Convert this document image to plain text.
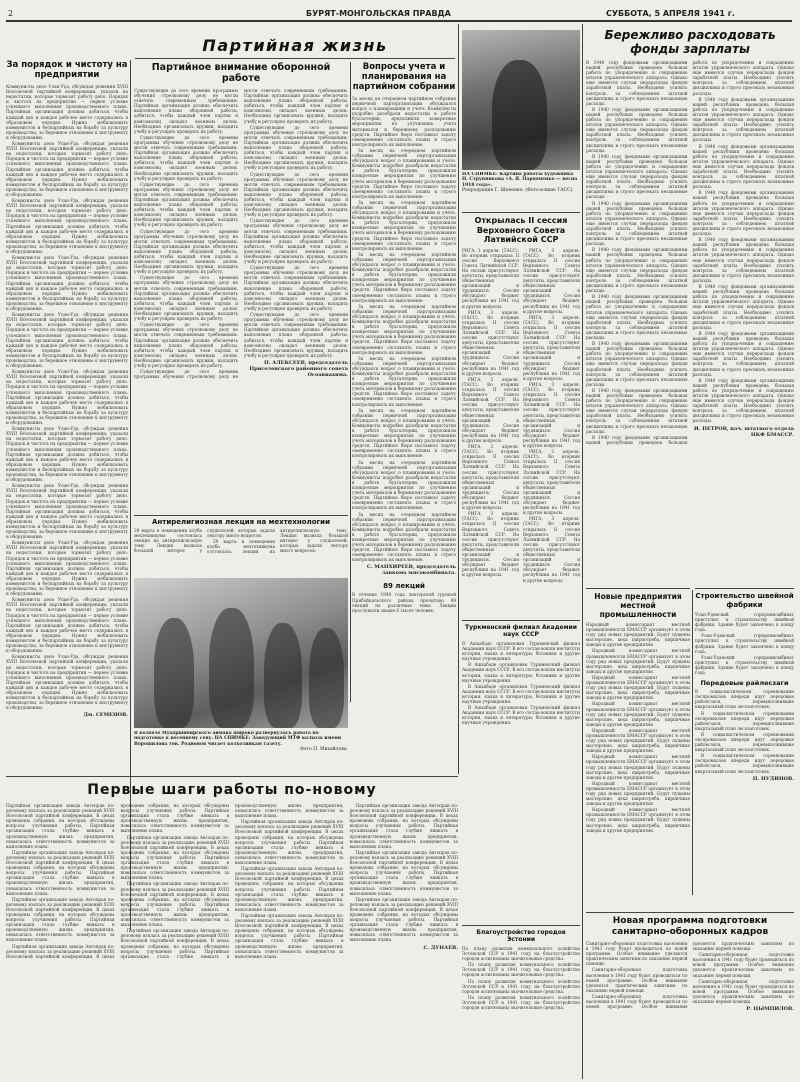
2	БУРЯТ-МОНГОЛЬСКАЯ ПРАВДА	СУББОТА, 5 АПРЕЛЯ 1941 г.
Партийная жизнь
За порядок и чистоту на предприятии

Коммунисты депо Улан-Удэ, обсуждая решения XVIII Всесоюзной партийной конференции, указали на недостатки, которые тормозят работу депо. Порядок и чистота на предприятии — первое условие успешного выполнения производственного плана. Партийная организация должна добиться, чтобы каждый цех и каждое рабочее место содержались в образцовом порядке. Нужно мобилизовать коммунистов и беспартийных на борьбу за культуру производства, за бережное отношение к инструменту и оборудованию.

Коммунисты депо Улан-Удэ, обсуждая решения XVIII Всесоюзной партийной конференции, указали на недостатки, которые тормозят работу депо. Порядок и чистота на предприятии — первое условие успешного выполнения производственного плана. Партийная организация должна добиться, чтобы каждый цех и каждое рабочее место содержались в образцовом порядке. Нужно мобилизовать коммунистов и беспартийных на борьбу за культуру производства, за бережное отношение к инструменту и оборудованию.

Коммунисты депо Улан-Удэ, обсуждая решения XVIII Всесоюзной партийной конференции, указали на недостатки, которые тормозят работу депо. Порядок и чистота на предприятии — первое условие успешного выполнения производственного плана. Партийная организация должна добиться, чтобы каждый цех и каждое рабочее место содержались в образцовом порядке. Нужно мобилизовать коммунистов и беспартийных на борьбу за культуру производства, за бережное отношение к инструменту и оборудованию.

Коммунисты депо Улан-Удэ, обсуждая решения XVIII Всесоюзной партийной конференции, указали на недостатки, которые тормозят работу депо. Порядок и чистота на предприятии — первое условие успешного выполнения производственного плана. Партийная организация должна добиться, чтобы каждый цех и каждое рабочее место содержались в образцовом порядке. Нужно мобилизовать коммунистов и беспартийных на борьбу за культуру производства, за бережное отношение к инструменту и оборудованию.

Коммунисты депо Улан-Удэ, обсуждая решения XVIII Всесоюзной партийной конференции, указали на недостатки, которые тормозят работу депо. Порядок и чистота на предприятии — первое условие успешного выполнения производственного плана. Партийная организация должна добиться, чтобы каждый цех и каждое рабочее место содержались в образцовом порядке. Нужно мобилизовать коммунистов и беспартийных на борьбу за культуру производства, за бережное отношение к инструменту и оборудованию.

Коммунисты депо Улан-Удэ, обсуждая решения XVIII Всесоюзной партийной конференции, указали на недостатки, которые тормозят работу депо. Порядок и чистота на предприятии — первое условие успешного выполнения производственного плана. Партийная организация должна добиться, чтобы каждый цех и каждое рабочее место содержались в образцовом порядке. Нужно мобилизовать коммунистов и беспартийных на борьбу за культуру производства, за бережное отношение к инструменту и оборудованию.

Коммунисты депо Улан-Удэ, обсуждая решения XVIII Всесоюзной партийной конференции, указали на недостатки, которые тормозят работу депо. Порядок и чистота на предприятии — первое условие успешного выполнения производственного плана. Партийная организация должна добиться, чтобы каждый цех и каждое рабочее место содержались в образцовом порядке. Нужно мобилизовать коммунистов и беспартийных на борьбу за культуру производства, за бережное отношение к инструменту и оборудованию.

Коммунисты депо Улан-Удэ, обсуждая решения XVIII Всесоюзной партийной конференции, указали на недостатки, которые тормозят работу депо. Порядок и чистота на предприятии — первое условие успешного выполнения производственного плана. Партийная организация должна добиться, чтобы каждый цех и каждое рабочее место содержались в образцовом порядке. Нужно мобилизовать коммунистов и беспартийных на борьбу за культуру производства, за бережное отношение к инструменту и оборудованию.

Коммунисты депо Улан-Удэ, обсуждая решения XVIII Всесоюзной партийной конференции, указали на недостатки, которые тормозят работу депо. Порядок и чистота на предприятии — первое условие успешного выполнения производственного плана. Партийная организация должна добиться, чтобы каждый цех и каждое рабочее место содержались в образцовом порядке. Нужно мобилизовать коммунистов и беспартийных на борьбу за культуру производства, за бережное отношение к инструменту и оборудованию.

Коммунисты депо Улан-Удэ, обсуждая решения XVIII Всесоюзной партийной конференции, указали на недостатки, которые тормозят работу депо. Порядок и чистота на предприятии — первое условие успешного выполнения производственного плана. Партийная организация должна добиться, чтобы каждый цех и каждое рабочее место содержались в образцовом порядке. Нужно мобилизовать коммунистов и беспартийных на борьбу за культуру производства, за бережное отношение к инструменту и оборудованию.

Коммунисты депо Улан-Удэ, обсуждая решения XVIII Всесоюзной партийной конференции, указали на недостатки, которые тормозят работу депо. Порядок и чистота на предприятии — первое условие успешного выполнения производственного плана. Партийная организация должна добиться, чтобы каждый цех и каждое рабочее место содержались в образцовом порядке. Нужно мобилизовать коммунистов и беспартийных на борьбу за культуру производства, за бережное отношение к инструменту и оборудованию.

Дм. СЕМЕНОВ.
Партийное внимание оборонной работе

Существующие до сего времени программы обучения стрелковому делу не могли отвечать современным требованиям. Партийная организация должна обеспечить выполнение плана оборонной работы, добиться, чтобы каждый член партии и комсомолец овладел военным делом. Необходимо организовать кружки, наладить учебу и регулярно проверять их работу.

Существующие до сего времени программы обучения стрелковому делу не могли отвечать современным требованиям. Партийная организация должна обеспечить выполнение плана оборонной работы, добиться, чтобы каждый член партии и комсомолец овладел военным делом. Необходимо организовать кружки, наладить учебу и регулярно проверять их работу.

Существующие до сего времени программы обучения стрелковому делу не могли отвечать современным требованиям. Партийная организация должна обеспечить выполнение плана оборонной работы, добиться, чтобы каждый член партии и комсомолец овладел военным делом. Необходимо организовать кружки, наладить учебу и регулярно проверять их работу.

Существующие до сего времени программы обучения стрелковому делу не могли отвечать современным требованиям. Партийная организация должна обеспечить выполнение плана оборонной работы, добиться, чтобы каждый член партии и комсомолец овладел военным делом. Необходимо организовать кружки, наладить учебу и регулярно проверять их работу.

Существующие до сего времени программы обучения стрелковому делу не могли отвечать современным требованиям. Партийная организация должна обеспечить выполнение плана оборонной работы, добиться, чтобы каждый член партии и комсомолец овладел военным делом. Необходимо организовать кружки, наладить учебу и регулярно проверять их работу.

Существующие до сего времени программы обучения стрелковому делу не могли отвечать современным требованиям. Партийная организация должна обеспечить выполнение плана оборонной работы, добиться, чтобы каждый член партии и комсомолец овладел военным делом. Необходимо организовать кружки, наладить учебу и регулярно проверять их работу.

Существующие до сего времени программы обучения стрелковому делу не могли отвечать современным требованиям. Партийная организация должна обеспечить выполнение плана оборонной работы, добиться, чтобы каждый член партии и комсомолец овладел военным делом. Необходимо организовать кружки, наладить учебу и регулярно проверять их работу.

Существующие до сего времени программы обучения стрелковому делу не могли отвечать современным требованиям. Партийная организация должна обеспечить выполнение плана оборонной работы, добиться, чтобы каждый член партии и комсомолец овладел военным делом. Необходимо организовать кружки, наладить учебу и регулярно проверять их работу.

Существующие до сего времени программы обучения стрелковому делу не могли отвечать современным требованиям. Партийная организация должна обеспечить выполнение плана оборонной работы, добиться, чтобы каждый член партии и комсомолец овладел военным делом. Необходимо организовать кружки, наладить учебу и регулярно проверять их работу.

Существующие до сего времени программы обучения стрелковому делу не могли отвечать современным требованиям. Партийная организация должна обеспечить выполнение плана оборонной работы, добиться, чтобы каждый член партии и комсомолец овладел военным делом. Необходимо организовать кружки, наладить учебу и регулярно проверять их работу.

Существующие до сего времени программы обучения стрелковому делу не могли отвечать современным требованиям. Партийная организация должна обеспечить выполнение плана оборонной работы, добиться, чтобы каждый член партии и комсомолец овладел военным делом. Необходимо организовать кружки, наладить учебу и регулярно проверять их работу.

Существующие до сего времени программы обучения стрелковому делу не могли отвечать современным требованиям. Партийная организация должна обеспечить выполнение плана оборонной работы, добиться, чтобы каждый член партии и комсомолец овладел военным делом. Необходимо организовать кружки, наладить учебу и регулярно проверять их работу.

П. АЛЕКСЕЕВ, председатель Приселенского районного совета Осоавиахима.
Вопросы учета и планирования на партийном собрании

За месяц на очередном партийном собрании первичной парторганизации обсуждался вопрос о планировании и учете. Коммунисты подробно разобрали недостатки в работе бухгалтерии, предложили конкретные мероприятия по улучшению учета материалов и бережному расходованию средств. Партийное бюро поставило задачу своевременно составлять планы и строго контролировать их выполнение.

За месяц на очередном партийном собрании первичной парторганизации обсуждался вопрос о планировании и учете. Коммунисты подробно разобрали недостатки в работе бухгалтерии, предложили конкретные мероприятия по улучшению учета материалов и бережному расходованию средств. Партийное бюро поставило задачу своевременно составлять планы и строго контролировать их выполнение.

За месяц на очередном партийном собрании первичной парторганизации обсуждался вопрос о планировании и учете. Коммунисты подробно разобрали недостатки в работе бухгалтерии, предложили конкретные мероприятия по улучшению учета материалов и бережному расходованию средств. Партийное бюро поставило задачу своевременно составлять планы и строго контролировать их выполнение.

За месяц на очередном партийном собрании первичной парторганизации обсуждался вопрос о планировании и учете. Коммунисты подробно разобрали недостатки в работе бухгалтерии, предложили конкретные мероприятия по улучшению учета материалов и бережному расходованию средств. Партийное бюро поставило задачу своевременно составлять планы и строго контролировать их выполнение.

За месяц на очередном партийном собрании первичной парторганизации обсуждался вопрос о планировании и учете. Коммунисты подробно разобрали недостатки в работе бухгалтерии, предложили конкретные мероприятия по улучшению учета материалов и бережному расходованию средств. Партийное бюро поставило задачу своевременно составлять планы и строго контролировать их выполнение.

За месяц на очередном партийном собрании первичной парторганизации обсуждался вопрос о планировании и учете. Коммунисты подробно разобрали недостатки в работе бухгалтерии, предложили конкретные мероприятия по улучшению учета материалов и бережному расходованию средств. Партийное бюро поставило задачу своевременно составлять планы и строго контролировать их выполнение.

За месяц на очередном партийном собрании первичной парторганизации обсуждался вопрос о планировании и учете. Коммунисты подробно разобрали недостатки в работе бухгалтерии, предложили конкретные мероприятия по улучшению учета материалов и бережному расходованию средств. Партийное бюро поставило задачу своевременно составлять планы и строго контролировать их выполнение.

За месяц на очередном партийном собрании первичной парторганизации обсуждался вопрос о планировании и учете. Коммунисты подробно разобрали недостатки в работе бухгалтерии, предложили конкретные мероприятия по улучшению учета материалов и бережному расходованию средств. Партийное бюро поставило задачу своевременно составлять планы и строго контролировать их выполнение.

За месяц на очередном партийном собрании первичной парторганизации обсуждался вопрос о планировании и учете. Коммунисты подробно разобрали недостатки в работе бухгалтерии, предложили конкретные мероприятия по улучшению учета материалов и бережному расходованию средств. Партийное бюро поставило задачу своевременно составлять планы и строго контролировать их выполнение.

С. МАНХИРЕЕВ, председатель завкома мясокомбината.
89 лекций

В течение 1940 года лекторской группой Прибайкальского района прочитано 89 лекций на различные темы. Лекции прослушали свыше 6 тысяч человек.

Антирелигиозная лекция на мехтехнологии

29 марта в помещении клуба мехтехникума состоялась лекция на антирелигиозную тему. Лекция вызвала большой интерес у слушателей, которые задали лектору много вопросов.

29 марта в помещении клуба мехтехникума состоялась лекция на антирелигиозную тему. Лекция вызвала большой интерес у слушателей, которые задали лектору много вопросов.

В колхозе Мухоршибирского аймака широко развернулась работа по подготовке к весеннему севу. НА СНИМКЕ: Заведующий МТФ колхоза имени Ворошилова тов. Родионов читает колхозникам газету.
Фото П. Михайлова.
НА СНИМКЕ: Картина работы художника Н. Струнникова «А. Я. Пархоменко — весна 1918 года».
Репродукция Г. Шпеенко. (Фото-клише ТАСС).
Открылась II сессия Верховного Совета Латвийской ССР

РИГА, 3 апреля. (ТАСС). Во вторник открылась II сессия Верховного Совета Латвийской ССР. На сессии присутствуют депутаты, представители общественных организаций и трудящихся. Сессия обсуждает бюджет республики на 1941 год и другие вопросы.

РИГА, 3 апреля. (ТАСС). Во вторник открылась II сессия Верховного Совета Латвийской ССР. На сессии присутствуют депутаты, представители общественных организаций и трудящихся. Сессия обсуждает бюджет республики на 1941 год и другие вопросы.

РИГА, 3 апреля. (ТАСС). Во вторник открылась II сессия Верховного Совета Латвийской ССР. На сессии присутствуют депутаты, представители общественных организаций и трудящихся. Сессия обсуждает бюджет республики на 1941 год и другие вопросы.

РИГА, 3 апреля. (ТАСС). Во вторник открылась II сессия Верховного Совета Латвийской ССР. На сессии присутствуют депутаты, представители общественных организаций и трудящихся. Сессия обсуждает бюджет республики на 1941 год и другие вопросы.

РИГА, 3 апреля. (ТАСС). Во вторник открылась II сессия Верховного Совета Латвийской ССР. На сессии присутствуют депутаты, представители общественных организаций и трудящихся. Сессия обсуждает бюджет республики на 1941 год и другие вопросы.

РИГА, 3 апреля. (ТАСС). Во вторник открылась II сессия Верховного Совета Латвийской ССР. На сессии присутствуют депутаты, представители общественных организаций и трудящихся. Сессия обсуждает бюджет республики на 1941 год и другие вопросы.

РИГА, 3 апреля. (ТАСС). Во вторник открылась II сессия Верховного Совета Латвийской ССР. На сессии присутствуют депутаты, представители общественных организаций и трудящихся. Сессия обсуждает бюджет республики на 1941 год и другие вопросы.

РИГА, 3 апреля. (ТАСС). Во вторник открылась II сессия Верховного Совета Латвийской ССР. На сессии присутствуют депутаты, представители общественных организаций и трудящихся. Сессия обсуждает бюджет республики на 1941 год и другие вопросы.

РИГА, 3 апреля. (ТАСС). Во вторник открылась II сессия Верховного Совета Латвийской ССР. На сессии присутствуют депутаты, представители общественных организаций и трудящихся. Сессия обсуждает бюджет республики на 1941 год и другие вопросы.

РИГА, 3 апреля. (ТАСС). Во вторник открылась II сессия Верховного Совета Латвийской ССР. На сессии присутствуют депутаты, представители общественных организаций и трудящихся. Сессия обсуждает бюджет республики на 1941 год и другие вопросы.

Туркменский филиал Академии наук СССР

В Ашхабаде организован Туркменский филиал Академии наук СССР. В его состав вошли институты истории, языка и литературы, ботаники и другие научные учреждения.

В Ашхабаде организован Туркменский филиал Академии наук СССР. В его состав вошли институты истории, языка и литературы, ботаники и другие научные учреждения.

В Ашхабаде организован Туркменский филиал Академии наук СССР. В его состав вошли институты истории, языка и литературы, ботаники и другие научные учреждения.

В Ашхабаде организован Туркменский филиал Академии наук СССР. В его состав вошли институты истории, языка и литературы, ботаники и другие научные учреждения.

Благоустройство городов Эстонии

По плану развития коммунального хозяйства Эстонской ССР в 1941 году на благоустройство городов ассигнованы значительные средства.

По плану развития коммунального хозяйства Эстонской ССР в 1941 году на благоустройство городов ассигнованы значительные средства.

По плану развития коммунального хозяйства Эстонской ССР в 1941 году на благоустройство городов ассигнованы значительные средства.

По плану развития коммунального хозяйства Эстонской ССР в 1941 году на благоустройство городов ассигнованы значительные средства.

Бережливо расходовать фонды зарплаты

В 1940 году фондовыми организациями нашей республики проведена большая работа по упорядочению и сокращению штатов управленческого аппарата. Однако еще имеются случаи перерасхода фондов заработной платы. Необходимо усилить контроль за соблюдением штатной дисциплины и строго пресекать незаконные расходы.

В 1940 году фондовыми организациями нашей республики проведена большая работа по упорядочению и сокращению штатов управленческого аппарата. Однако еще имеются случаи перерасхода фондов заработной платы. Необходимо усилить контроль за соблюдением штатной дисциплины и строго пресекать незаконные расходы.

В 1940 году фондовыми организациями нашей республики проведена большая работа по упорядочению и сокращению штатов управленческого аппарата. Однако еще имеются случаи перерасхода фондов заработной платы. Необходимо усилить контроль за соблюдением штатной дисциплины и строго пресекать незаконные расходы.

В 1940 году фондовыми организациями нашей республики проведена большая работа по упорядочению и сокращению штатов управленческого аппарата. Однако еще имеются случаи перерасхода фондов заработной платы. Необходимо усилить контроль за соблюдением штатной дисциплины и строго пресекать незаконные расходы.

В 1940 году фондовыми организациями нашей республики проведена большая работа по упорядочению и сокращению штатов управленческого аппарата. Однако еще имеются случаи перерасхода фондов заработной платы. Необходимо усилить контроль за соблюдением штатной дисциплины и строго пресекать незаконные расходы.

В 1940 году фондовыми организациями нашей республики проведена большая работа по упорядочению и сокращению штатов управленческого аппарата. Однако еще имеются случаи перерасхода фондов заработной платы. Необходимо усилить контроль за соблюдением штатной дисциплины и строго пресекать незаконные расходы.

В 1940 году фондовыми организациями нашей республики проведена большая работа по упорядочению и сокращению штатов управленческого аппарата. Однако еще имеются случаи перерасхода фондов заработной платы. Необходимо усилить контроль за соблюдением штатной дисциплины и строго пресекать незаконные расходы.

В 1940 году фондовыми организациями нашей республики проведена большая работа по упорядочению и сокращению штатов управленческого аппарата. Однако еще имеются случаи перерасхода фондов заработной платы. Необходимо усилить контроль за соблюдением штатной дисциплины и строго пресекать незаконные расходы.

В 1940 году фондовыми организациями нашей республики проведена большая работа по упорядочению и сокращению штатов управленческого аппарата. Однако еще имеются случаи перерасхода фондов заработной платы. Необходимо усилить контроль за соблюдением штатной дисциплины и строго пресекать незаконные расходы.

В 1940 году фондовыми организациями нашей республики проведена большая работа по упорядочению и сокращению штатов управленческого аппарата. Однако еще имеются случаи перерасхода фондов заработной платы. Необходимо усилить контроль за соблюдением штатной дисциплины и строго пресекать незаконные расходы.

В 1940 году фондовыми организациями нашей республики проведена большая работа по упорядочению и сокращению штатов управленческого аппарата. Однако еще имеются случаи перерасхода фондов заработной платы. Необходимо усилить контроль за соблюдением штатной дисциплины и строго пресекать незаконные расходы.

В 1940 году фондовыми организациями нашей республики проведена большая работа по упорядочению и сокращению штатов управленческого аппарата. Однако еще имеются случаи перерасхода фондов заработной платы. Необходимо усилить контроль за соблюдением штатной дисциплины и строго пресекать незаконные расходы.

В 1940 году фондовыми организациями нашей республики проведена большая работа по упорядочению и сокращению штатов управленческого аппарата. Однако еще имеются случаи перерасхода фондов заработной платы. Необходимо усилить контроль за соблюдением штатной дисциплины и строго пресекать незаконные расходы.

В 1940 году фондовыми организациями нашей республики проведена большая работа по упорядочению и сокращению штатов управленческого аппарата. Однако еще имеются случаи перерасхода фондов заработной платы. Необходимо усилить контроль за соблюдением штатной дисциплины и строго пресекать незаконные расходы.

В 1940 году фондовыми организациями нашей республики проведена большая работа по упорядочению и сокращению штатов управленческого аппарата. Однако еще имеются случаи перерасхода фондов заработной платы. Необходимо усилить контроль за соблюдением штатной дисциплины и строго пресекать незаконные расходы.

В 1940 году фондовыми организациями нашей республики проведена большая работа по упорядочению и сокращению штатов управленческого аппарата. Однако еще имеются случаи перерасхода фондов заработной платы. Необходимо усилить контроль за соблюдением штатной дисциплины и строго пресекать незаконные расходы.

И. ПЕТРОВ, нач. штатного отдела НКФ БМАССР.
Новые предприятия местной промышленности

Народный комиссариат местной промышленности БМАССР организует в этом году ряд новых предприятий. Будут пущены мастерские, цеха ширпотреба, кирпичные заводы и другие предприятия.

Народный комиссариат местной промышленности БМАССР организует в этом году ряд новых предприятий. Будут пущены мастерские, цеха ширпотреба, кирпичные заводы и другие предприятия.

Народный комиссариат местной промышленности БМАССР организует в этом году ряд новых предприятий. Будут пущены мастерские, цеха ширпотреба, кирпичные заводы и другие предприятия.

Народный комиссариат местной промышленности БМАССР организует в этом году ряд новых предприятий. Будут пущены мастерские, цеха ширпотреба, кирпичные заводы и другие предприятия.

Народный комиссариат местной промышленности БМАССР организует в этом году ряд новых предприятий. Будут пущены мастерские, цеха ширпотреба, кирпичные заводы и другие предприятия.

Народный комиссариат местной промышленности БМАССР организует в этом году ряд новых предприятий. Будут пущены мастерские, цеха ширпотреба, кирпичные заводы и другие предприятия.

Народный комиссариат местной промышленности БМАССР организует в этом году ряд новых предприятий. Будут пущены мастерские, цеха ширпотреба, кирпичные заводы и другие предприятия.

Народный комиссариат местной промышленности БМАССР организует в этом году ряд новых предприятий. Будут пущены мастерские, цеха ширпотреба, кирпичные заводы и другие предприятия.

Строительство швейной фабрики

Улан-Удэнский горпромкомбинат приступил к строительству швейной фабрики. Здание будет закончено к концу года.

Улан-Удэнский горпромкомбинат приступил к строительству швейной фабрики. Здание будет закончено к концу года.

Улан-Удэнский горпромкомбинат приступил к строительству швейной фабрики. Здание будет закончено к концу года.

Передовые райлесзаги

В социалистическом соревновании леспромхозов впереди идут передовые райлесзаги, перевыполнившие квартальный план лесозаготовок.

В социалистическом соревновании леспромхозов впереди идут передовые райлесзаги, перевыполнившие квартальный план лесозаготовок.

В социалистическом соревновании леспромхозов впереди идут передовые райлесзаги, перевыполнившие квартальный план лесозаготовок.

В социалистическом соревновании леспромхозов впереди идут передовые райлесзаги, перевыполнившие квартальный план лесозаготовок.

П. НУДИНОВ.
Первые шаги работы по-новому

Партийная организация завода Автоправ по-деловому взялась за реализацию решений XVIII Всесоюзной партийной конференции. В цехах проведены собрания, на которых обсуждены вопросы улучшения работы. Партийная организация стала глубже вникать в производственную жизнь предприятия, повысилась ответственность коммунистов за выполнение плана.

Партийная организация завода Автоправ по-деловому взялась за реализацию решений XVIII Всесоюзной партийной конференции. В цехах проведены собрания, на которых обсуждены вопросы улучшения работы. Партийная организация стала глубже вникать в производственную жизнь предприятия, повысилась ответственность коммунистов за выполнение плана.

Партийная организация завода Автоправ по-деловому взялась за реализацию решений XVIII Всесоюзной партийной конференции. В цехах проведены собрания, на которых обсуждены вопросы улучшения работы. Партийная организация стала глубже вникать в производственную жизнь предприятия, повысилась ответственность коммунистов за выполнение плана.

Партийная организация завода Автоправ по-деловому взялась за реализацию решений XVIII Всесоюзной партийной конференции. В цехах проведены собрания, на которых обсуждены вопросы улучшения работы. Партийная организация стала глубже вникать в производственную жизнь предприятия, повысилась ответственность коммунистов за выполнение плана.

Партийная организация завода Автоправ по-деловому взялась за реализацию решений XVIII Всесоюзной партийной конференции. В цехах проведены собрания, на которых обсуждены вопросы улучшения работы. Партийная организация стала глубже вникать в производственную жизнь предприятия, повысилась ответственность коммунистов за выполнение плана.

Партийная организация завода Автоправ по-деловому взялась за реализацию решений XVIII Всесоюзной партийной конференции. В цехах проведены собрания, на которых обсуждены вопросы улучшения работы. Партийная организация стала глубже вникать в производственную жизнь предприятия, повысилась ответственность коммунистов за выполнение плана.

Партийная организация завода Автоправ по-деловому взялась за реализацию решений XVIII Всесоюзной партийной конференции. В цехах проведены собрания, на которых обсуждены вопросы улучшения работы. Партийная организация стала глубже вникать в производственную жизнь предприятия, повысилась ответственность коммунистов за выполнение плана.

Партийная организация завода Автоправ по-деловому взялась за реализацию решений XVIII Всесоюзной партийной конференции. В цехах проведены собрания, на которых обсуждены вопросы улучшения работы. Партийная организация стала глубже вникать в производственную жизнь предприятия, повысилась ответственность коммунистов за выполнение плана.

Партийная организация завода Автоправ по-деловому взялась за реализацию решений XVIII Всесоюзной партийной конференции. В цехах проведены собрания, на которых обсуждены вопросы улучшения работы. Партийная организация стала глубже вникать в производственную жизнь предприятия, повысилась ответственность коммунистов за выполнение плана.

Партийная организация завода Автоправ по-деловому взялась за реализацию решений XVIII Всесоюзной партийной конференции. В цехах проведены собрания, на которых обсуждены вопросы улучшения работы. Партийная организация стала глубже вникать в производственную жизнь предприятия, повысилась ответственность коммунистов за выполнение плана.

Партийная организация завода Автоправ по-деловому взялась за реализацию решений XVIII Всесоюзной партийной конференции. В цехах проведены собрания, на которых обсуждены вопросы улучшения работы. Партийная организация стала глубже вникать в производственную жизнь предприятия, повысилась ответственность коммунистов за выполнение плана.

Партийная организация завода Автоправ по-деловому взялась за реализацию решений XVIII Всесоюзной партийной конференции. В цехах проведены собрания, на которых обсуждены вопросы улучшения работы. Партийная организация стала глубже вникать в производственную жизнь предприятия, повысилась ответственность коммунистов за выполнение плана.

Партийная организация завода Автоправ по-деловому взялась за реализацию решений XVIII Всесоюзной партийной конференции. В цехах проведены собрания, на которых обсуждены вопросы улучшения работы. Партийная организация стала глубже вникать в производственную жизнь предприятия, повысилась ответственность коммунистов за выполнение плана.

С. ДУНАЕВ.
Новая программа подготовки санитарно-оборонных кадров

Санитарно-оборонная подготовка населения в 1941 году будет проводиться по новой программе. Особое внимание уделяется практическим занятиям по оказанию первой помощи.

Санитарно-оборонная подготовка населения в 1941 году будет проводиться по новой программе. Особое внимание уделяется практическим занятиям по оказанию первой помощи.

Санитарно-оборонная подготовка населения в 1941 году будет проводиться по новой программе. Особое внимание уделяется практическим занятиям по оказанию первой помощи.

Санитарно-оборонная подготовка населения в 1941 году будет проводиться по новой программе. Особое внимание уделяется практическим занятиям по оказанию первой помощи.

Санитарно-оборонная подготовка населения в 1941 году будет проводиться по новой программе. Особое внимание уделяется практическим занятиям по оказанию первой помощи.

Р. ЦЫМПИЛОВ.
